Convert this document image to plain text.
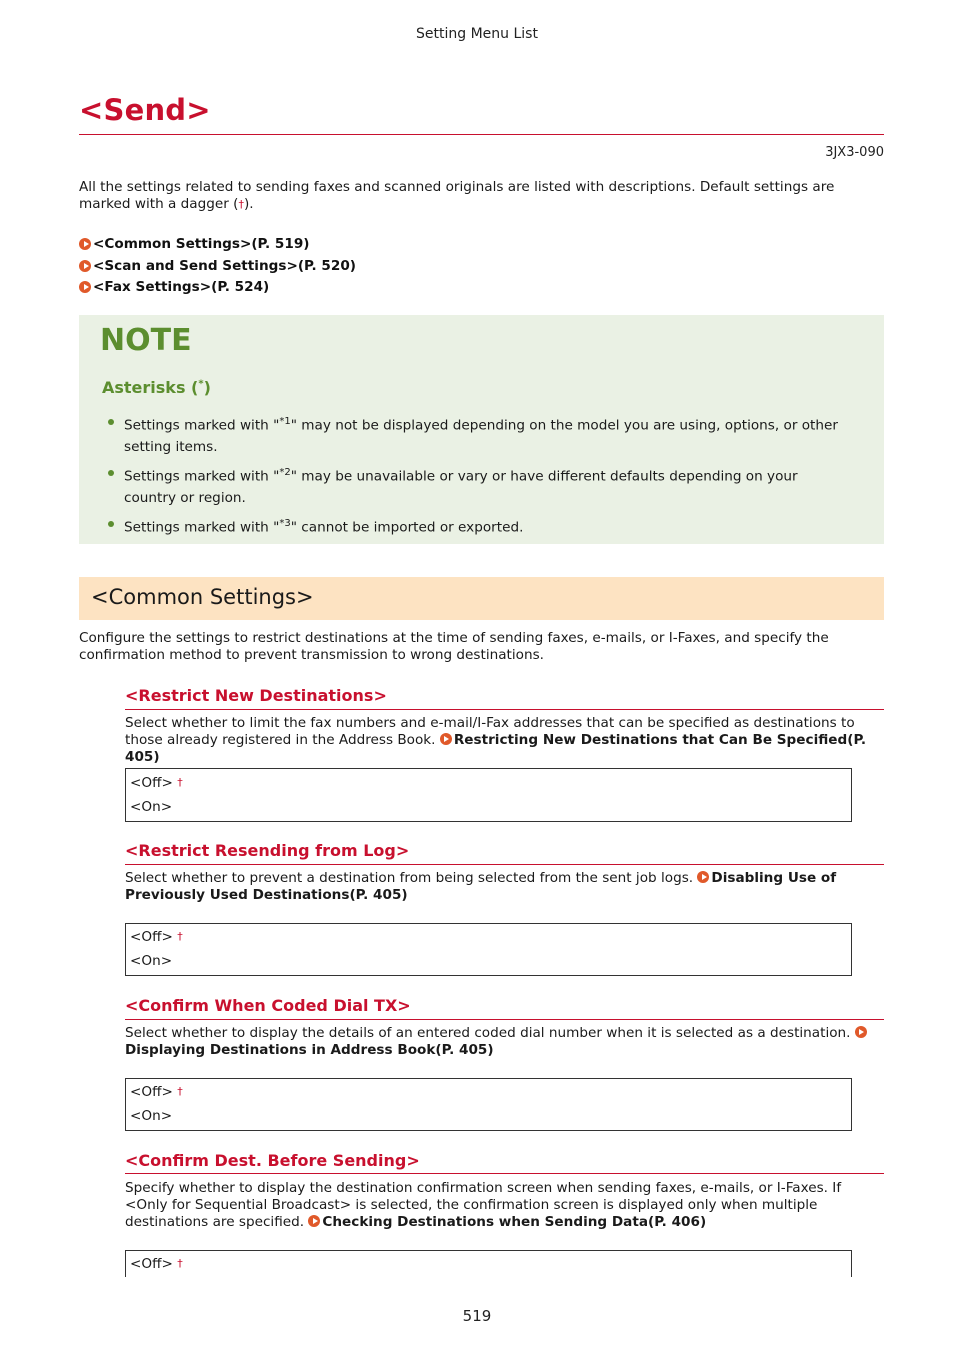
Setting Menu List
<Send>
3JX3-090
All the settings related to sending faxes and scanned originals are listed with descriptions. Default settings are marked with a dagger (†).
<Common Settings>(P. 519)
<Scan and Send Settings>(P. 520)
<Fax Settings>(P. 524)
NOTE
Asterisks (*)
Settings marked with "$^{*1}$" may not be displayed depending on the model you are using, options, or other setting items.
Settings marked with "$^{*2}$" may be unavailable or vary or have different defaults depending on your country or region.
Settings marked with "$^{*3}$" cannot be imported or exported.
<Common Settings>
Configure the settings to restrict destinations at the time of sending faxes, e-mails, or I-Faxes, and specify the confirmation method to prevent transmission to wrong destinations.
<Restrict New Destinations>
Select whether to limit the fax numbers and e-mail/I-Fax addresses that can be specified as destinations to those already registered in the Address Book. Restricting New Destinations that Can Be Specified(P. 405)
<Off> †
<On>
<Restrict Resending from Log>
Select whether to prevent a destination from being selected from the sent job logs. Disabling Use of Previously Used Destinations(P. 405)
<Off> †
<On>
<Confirm When Coded Dial TX>
Select whether to display the details of an entered coded dial number when it is selected as a destination.  Displaying Destinations in Address Book(P. 405)
<Off> †
<On>
<Confirm Dest. Before Sending>
Specify whether to display the destination confirmation screen when sending faxes, e-mails, or I-Faxes. If <Only for Sequential Broadcast> is selected, the confirmation screen is displayed only when multiple destinations are specified. Checking Destinations when Sending Data(P. 406)
<Off> †
519
